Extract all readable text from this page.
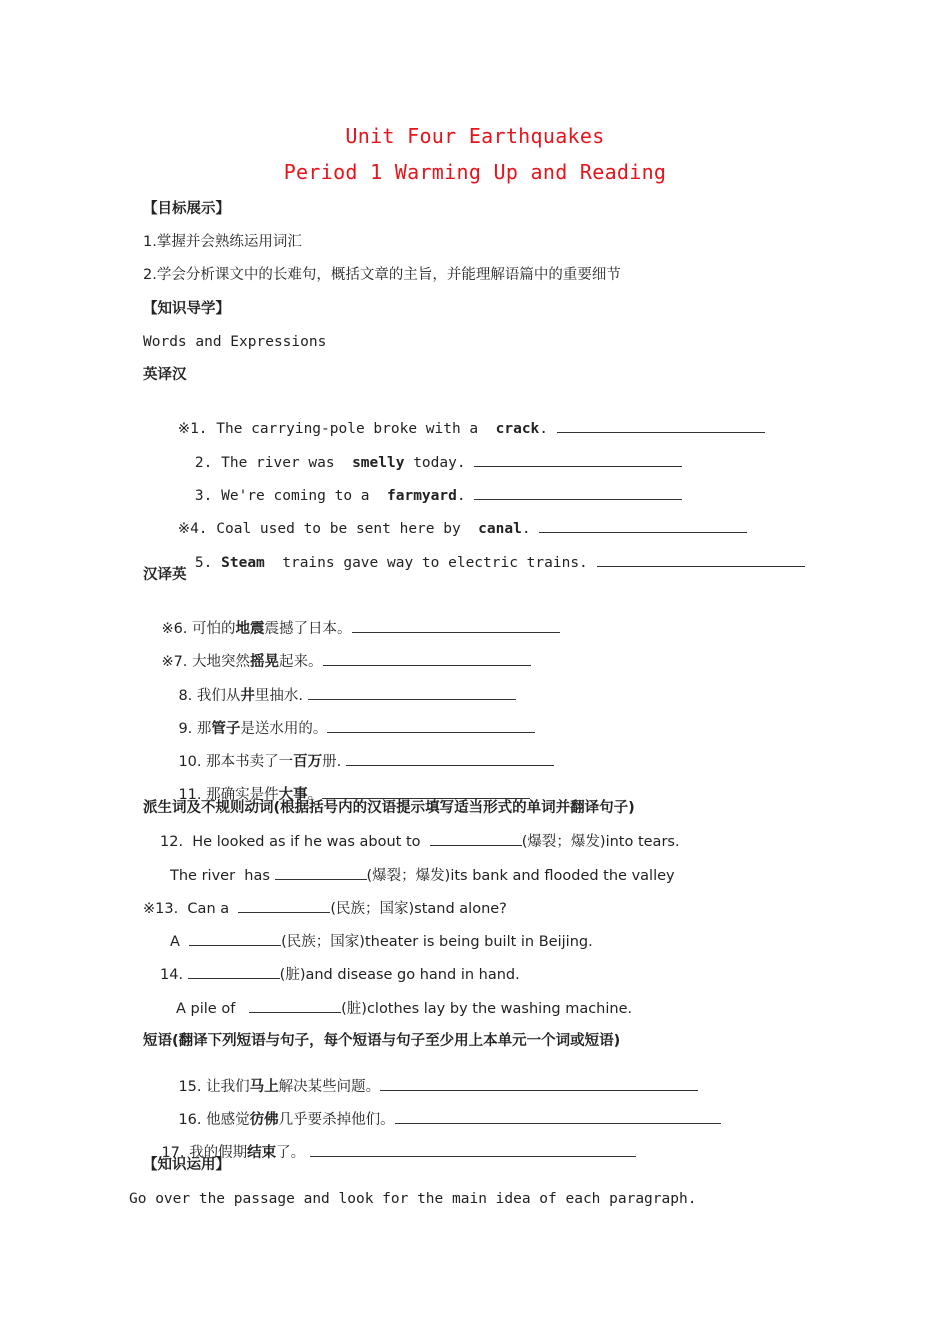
Unit Four Earthquakes
Period 1 Warming Up and Reading
【目标展示】
1.掌握并会熟练运用词汇
2.学会分析课文中的长难句，概括文章的主旨，并能理解语篇中的重要细节
【知识导学】
Words and Expressions
英译汉

※1. The carrying-pole broke with a  crack.

2. The river was  smelly today.

3. We're coming to a  farmyard.

※4. Coal used to be sent here by  canal.

5. Steam  trains gave way to electric trains.

汉译英

※6. 可怕的地震震撼了日本。

※7. 大地突然摇晃起来。

8. 我们从井里抽水.

9. 那管子是送水用的。

10. 那本书卖了一百万册.

11. 那确实是件大事。

派生词及不规则动词(根据括号内的汉语提示填写适当形式的单词并翻译句子)
12.  He looked as if he was about to	(爆裂；爆发)into tears.
The river  has	(爆裂；爆发)its bank and flooded the valley
※13.  Can a	(民族；国家)stand alone?
A	(民族；国家)theater is being built in Beijing.
14.	(脏)and disease go hand in hand.
A pile of	(脏)clothes lay by the washing machine.
短语(翻译下列短语与句子，每个短语与句子至少用上本单元一个词或短语)

15. 让我们马上解决某些问题。

16. 他感觉彷佛几乎要杀掉他们。

17. 我的假期结束了。

【知识运用】
Go over the passage and look for the main idea of each paragraph.
